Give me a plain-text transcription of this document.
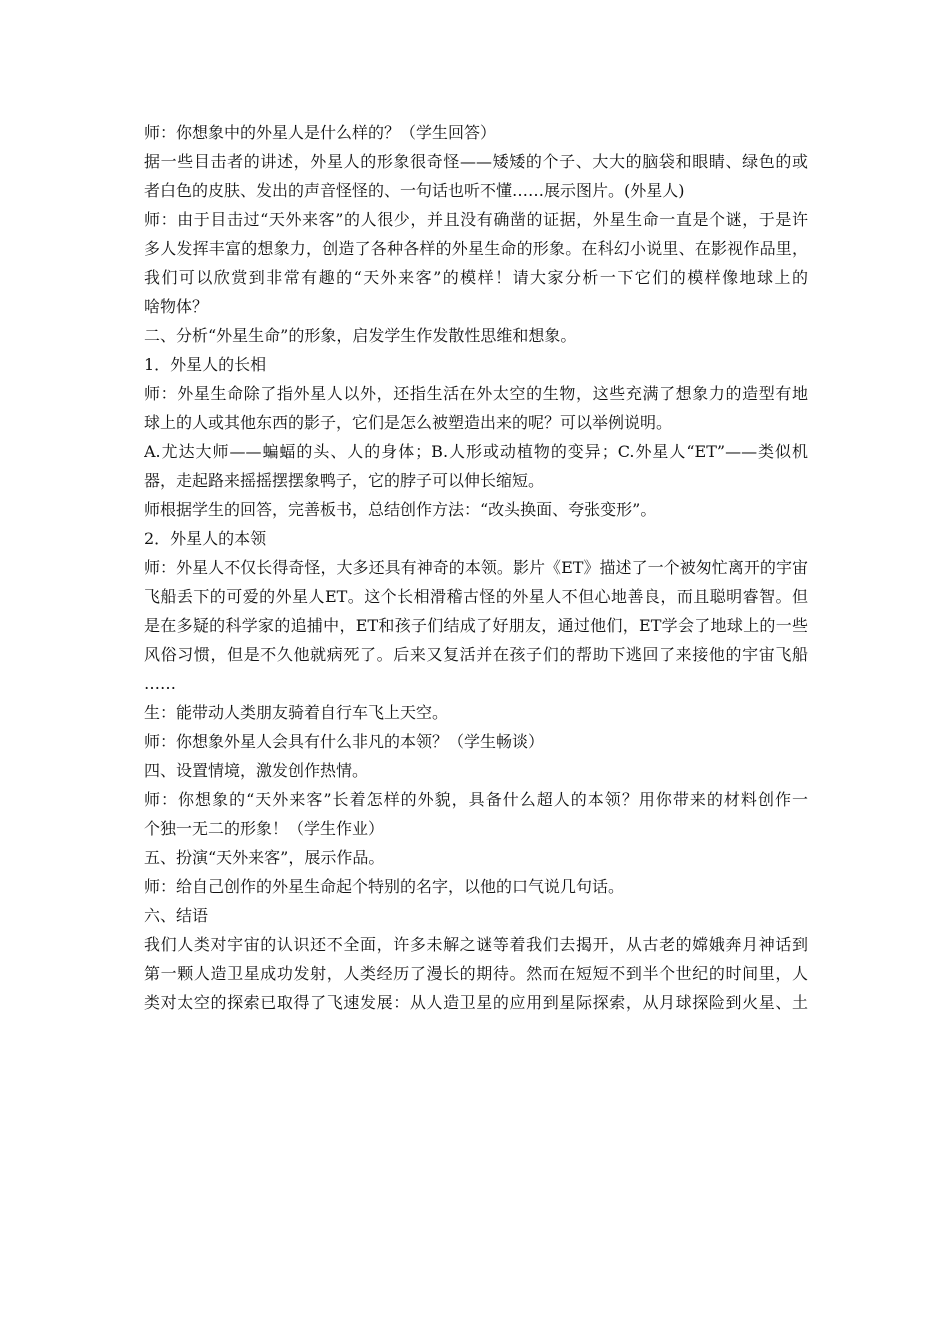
师：你想象中的外星人是什么样的？（学生回答）
据一些目击者的讲述，外星人的形象很奇怪——矮矮的个子、大大的脑袋和眼睛、绿色的或
者白色的皮肤、发出的声音怪怪的、一句话也听不懂……展示图片。(外星人)
师：由于目击过“天外来客”的人很少，并且没有确凿的证据，外星生命一直是个谜，于是许
多人发挥丰富的想象力，创造了各种各样的外星生命的形象。在科幻小说里、在影视作品里，
我们可以欣赏到非常有趣的“天外来客”的模样！请大家分析一下它们的模样像地球上的
啥物体？
二、分析“外星生命”的形象，启发学生作发散性思维和想象。
1．外星人的长相
师：外星生命除了指外星人以外，还指生活在外太空的生物，这些充满了想象力的造型有地
球上的人或其他东西的影子，它们是怎么被塑造出来的呢？可以举例说明。
A.尤达大师——蝙蝠的头、人的身体；B.人形或动植物的变异；C.外星人“ET”——类似机
器，走起路来摇摇摆摆象鸭子，它的脖子可以伸长缩短。
师根据学生的回答，完善板书，总结创作方法：“改头换面、夸张变形”。
2．外星人的本领
师：外星人不仅长得奇怪，大多还具有神奇的本领。影片《ET》描述了一个被匆忙离开的宇宙
飞船丢下的可爱的外星人ET。这个长相滑稽古怪的外星人不但心地善良，而且聪明睿智。但
是在多疑的科学家的追捕中，ET和孩子们结成了好朋友，通过他们，ET学会了地球上的一些
风俗习惯，但是不久他就病死了。后来又复活并在孩子们的帮助下逃回了来接他的宇宙飞船
……
生：能带动人类朋友骑着自行车飞上天空。
师：你想象外星人会具有什么非凡的本领？（学生畅谈）
四、设置情境，激发创作热情。
师：你想象的“天外来客”长着怎样的外貌，具备什么超人的本领？用你带来的材料创作一
个独一无二的形象！（学生作业）
五、扮演“天外来客”，展示作品。
师：给自己创作的外星生命起个特别的名字，以他的口气说几句话。
六、结语
我们人类对宇宙的认识还不全面，许多未解之谜等着我们去揭开，从古老的嫦娥奔月神话到
第一颗人造卫星成功发射，人类经历了漫长的期待。然而在短短不到半个世纪的时间里，人
类对太空的探索已取得了飞速发展：从人造卫星的应用到星际探索，从月球探险到火星、土
